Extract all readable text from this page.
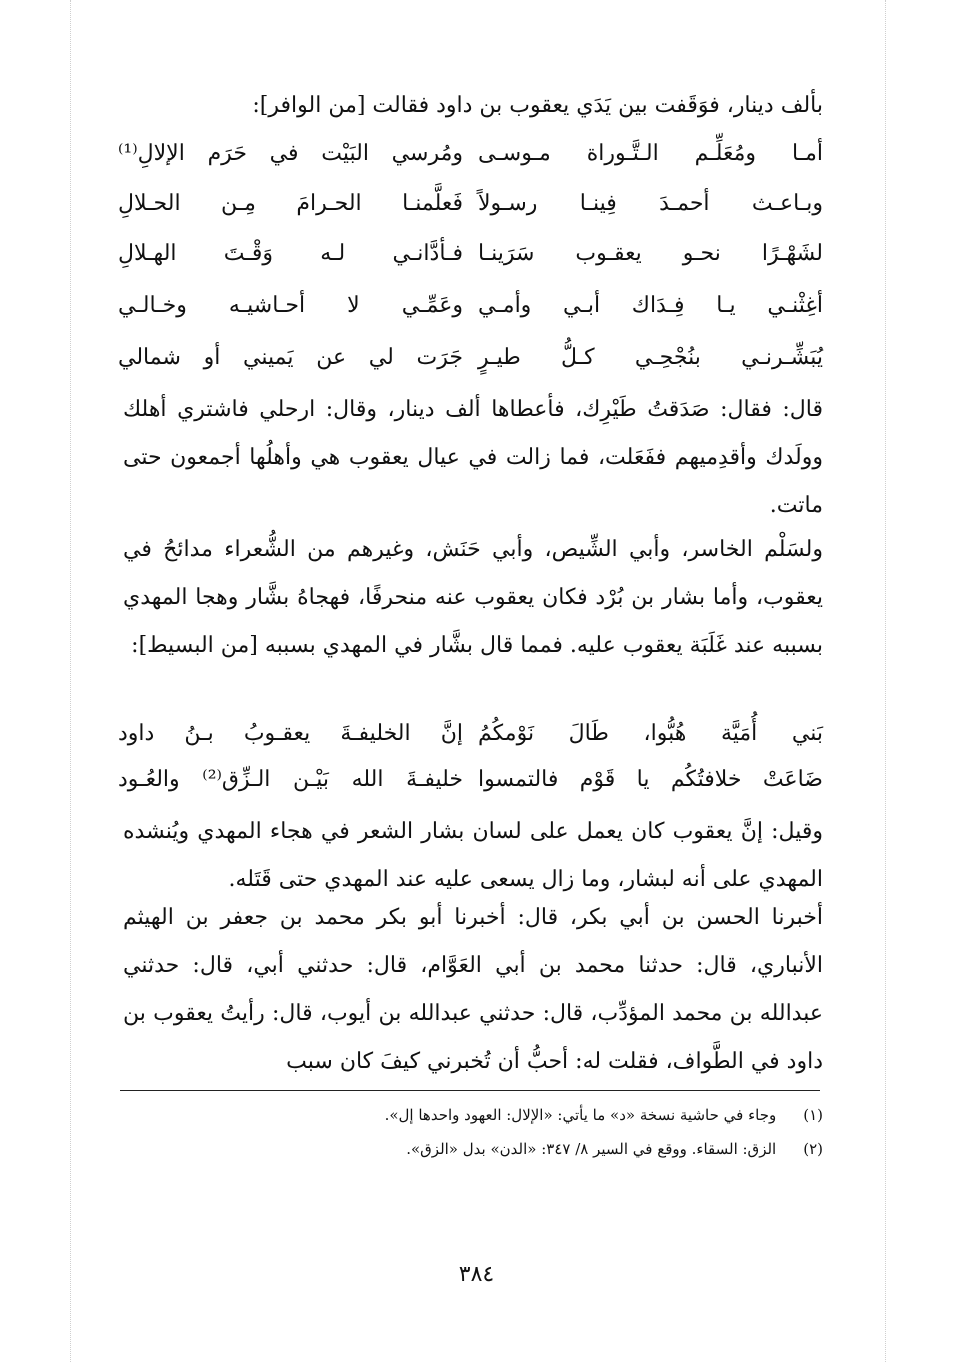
بألف دينار، فوَقَفت بين يَدَي يعقوب بن داود فقالت [من الوافر]:
أمـا ومُعَلِّـم الـتَّـوراة مـوسـى
ومُرسي البَيْت في حَرَم الإلالِ⁽¹⁾
وبـاعـث أحمـدَ فِينـا رسـولاً
فَعلَّمنـا الحـرامَ مِـن الحـلالِ
لشَهْـرًا نحـو يعقـوب سَرَينـا
فـأدَّانـي لـه وَقْـتَ الهـلالِ
أغِثْنـي يـا فِـدَاك أبـي وأمـي
وعَمِّـي لا أحـاشيـه وخـالـي
يُبَشِّـرنـي بنُجْحِـي كـلُّ طيـرٍ
جَرَت لي عن يَميني أو شمالي
قال: فقال: صَدَقتُ طَيْرِك، فأعطاها ألف دينار، وقال: ارحلي فاشتري أهلك وولَدك وأقدِميهم ففَعَلت، فما زالت في عيال يعقوب هي وأهلُها أجمعون حتى ماتت.
ولسَلْم الخاسر، وأبي الشِّيص، وأبي حَنَش، وغيرهم من الشُّعراء مدائحُ في يعقوب، وأما بشار بن بُرْد فكان يعقوب عنه منحرفًا، فهجاهُ بشَّار وهجا المهدي بسببه عند غَلَبَة يعقوب عليه. فمما قال بشَّار في المهدي بسببه [من البسيط]:
بَني أُمَيَّة هُبُّوا، طَالَ نَوْمكُمُ
إنَّ الخليفـةَ يعقـوبُ بـنُ داود
ضَاعَتْ خلافتُكُم يا قَوْم فالتمسوا
خليفـةَ الله بَيْـن الـزِّق⁽²⁾ والعُـود
وقيل: إنَّ يعقوب كان يعمل على لسان بشار الشعر في هجاء المهدي ويُنشده المهدي على أنه لبشار، وما زال يسعى عليه عند المهدي حتى قَتَله.
أخبرنا الحسن بن أبي بكر، قال: أخبرنا أبو بكر محمد بن جعفر بن الهيثم الأنباري، قال: حدثنا محمد بن أبي العَوَّام، قال: حدثني أبي، قال: حدثني عبدالله بن محمد المؤدِّب، قال: حدثني عبدالله بن أيوب، قال: رأيتُ يعقوب بن داود في الطَّواف، فقلت له: أحبُّ أن تُخبرني كيفَ كان سبب
(١) وجاء في حاشية نسخة «د» ما يأتي: «الإلال: العهود واحدها إل».
(٢) الزق: السقاء. ووقع في السير ٨/ ٣٤٧: «الدن» بدل «الزق».
٣٨٤
